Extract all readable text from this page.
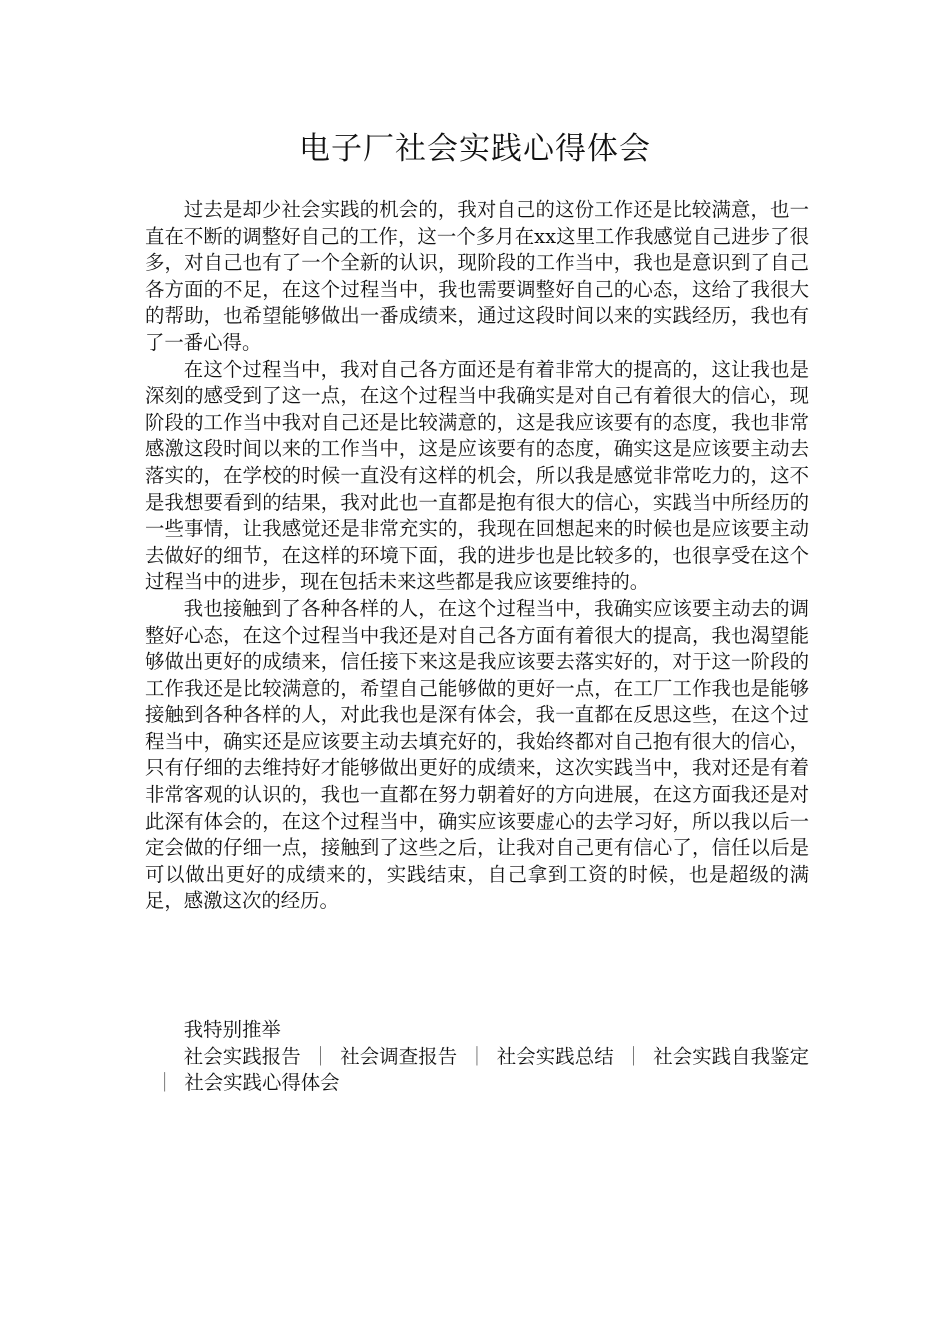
电子厂社会实践心得体会

过去是却少社会实践的机会的，我对自己的这份工作还是比较满意，也一直在不断的调整好自己的工作，这一个多月在xx这里工作我感觉自己进步了很多，对自己也有了一个全新的认识，现阶段的工作当中，我也是意识到了自己各方面的不足，在这个过程当中，我也需要调整好自己的心态，这给了我很大的帮助，也希望能够做出一番成绩来，通过这段时间以来的实践经历，我也有了一番心得。

在这个过程当中，我对自己各方面还是有着非常大的提高的，这让我也是深刻的感受到了这一点，在这个过程当中我确实是对自己有着很大的信心，现阶段的工作当中我对自己还是比较满意的，这是我应该要有的态度，我也非常感激这段时间以来的工作当中，这是应该要有的态度，确实这是应该要主动去落实的，在学校的时候一直没有这样的机会，所以我是感觉非常吃力的，这不是我想要看到的结果，我对此也一直都是抱有很大的信心，实践当中所经历的一些事情，让我感觉还是非常充实的，我现在回想起来的时候也是应该要主动去做好的细节，在这样的环境下面，我的进步也是比较多的，也很享受在这个过程当中的进步，现在包括未来这些都是我应该要维持的。

我也接触到了各种各样的人，在这个过程当中，我确实应该要主动去的调整好心态，在这个过程当中我还是对自己各方面有着很大的提高，我也渴望能够做出更好的成绩来，信任接下来这是我应该要去落实好的，对于这一阶段的工作我还是比较满意的，希望自己能够做的更好一点，在工厂工作我也是能够接触到各种各样的人，对此我也是深有体会，我一直都在反思这些，在这个过程当中，确实还是应该要主动去填充好的，我始终都对自己抱有很大的信心，只有仔细的去维持好才能够做出更好的成绩来，这次实践当中，我对还是有着非常客观的认识的，我也一直都在努力朝着好的方向进展，在这方面我还是对此深有体会的，在这个过程当中，确实应该要虚心的去学习好，所以我以后一定会做的仔细一点，接触到了这些之后，让我对自己更有信心了，信任以后是可以做出更好的成绩来的，实践结束，自己拿到工资的时候，也是超级的满足，感激这次的经历。

我特别推举

社会实践报告 ｜ 社会调查报告 ｜ 社会实践总结 ｜ 社会实践自我鉴定｜ 社会实践心得体会
